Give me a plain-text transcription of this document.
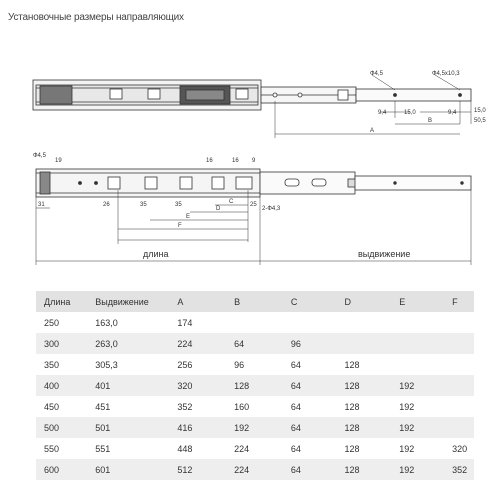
Установочные размеры направляющих
Ф4,5	Ф4,5х10,3
9,4	15,0	9,4	15,0
50,5
B
A
Ф4,5
19	16	16 9
31	26	35	35	25
C
D
E
F
2-Ф4,3
длина	выдвижение
Длина	Выдвижение	A	B	C	D	E	F
250	163,0	174					
300	263,0	224	64	96			
350	305,3	256	96	64	128		
400	401	320	128	64	128	192	
450	451	352	160	64	128	192	
500	501	416	192	64	128	192	
550	551	448	224	64	128	192	320
600	601	512	224	64	128	192	352
